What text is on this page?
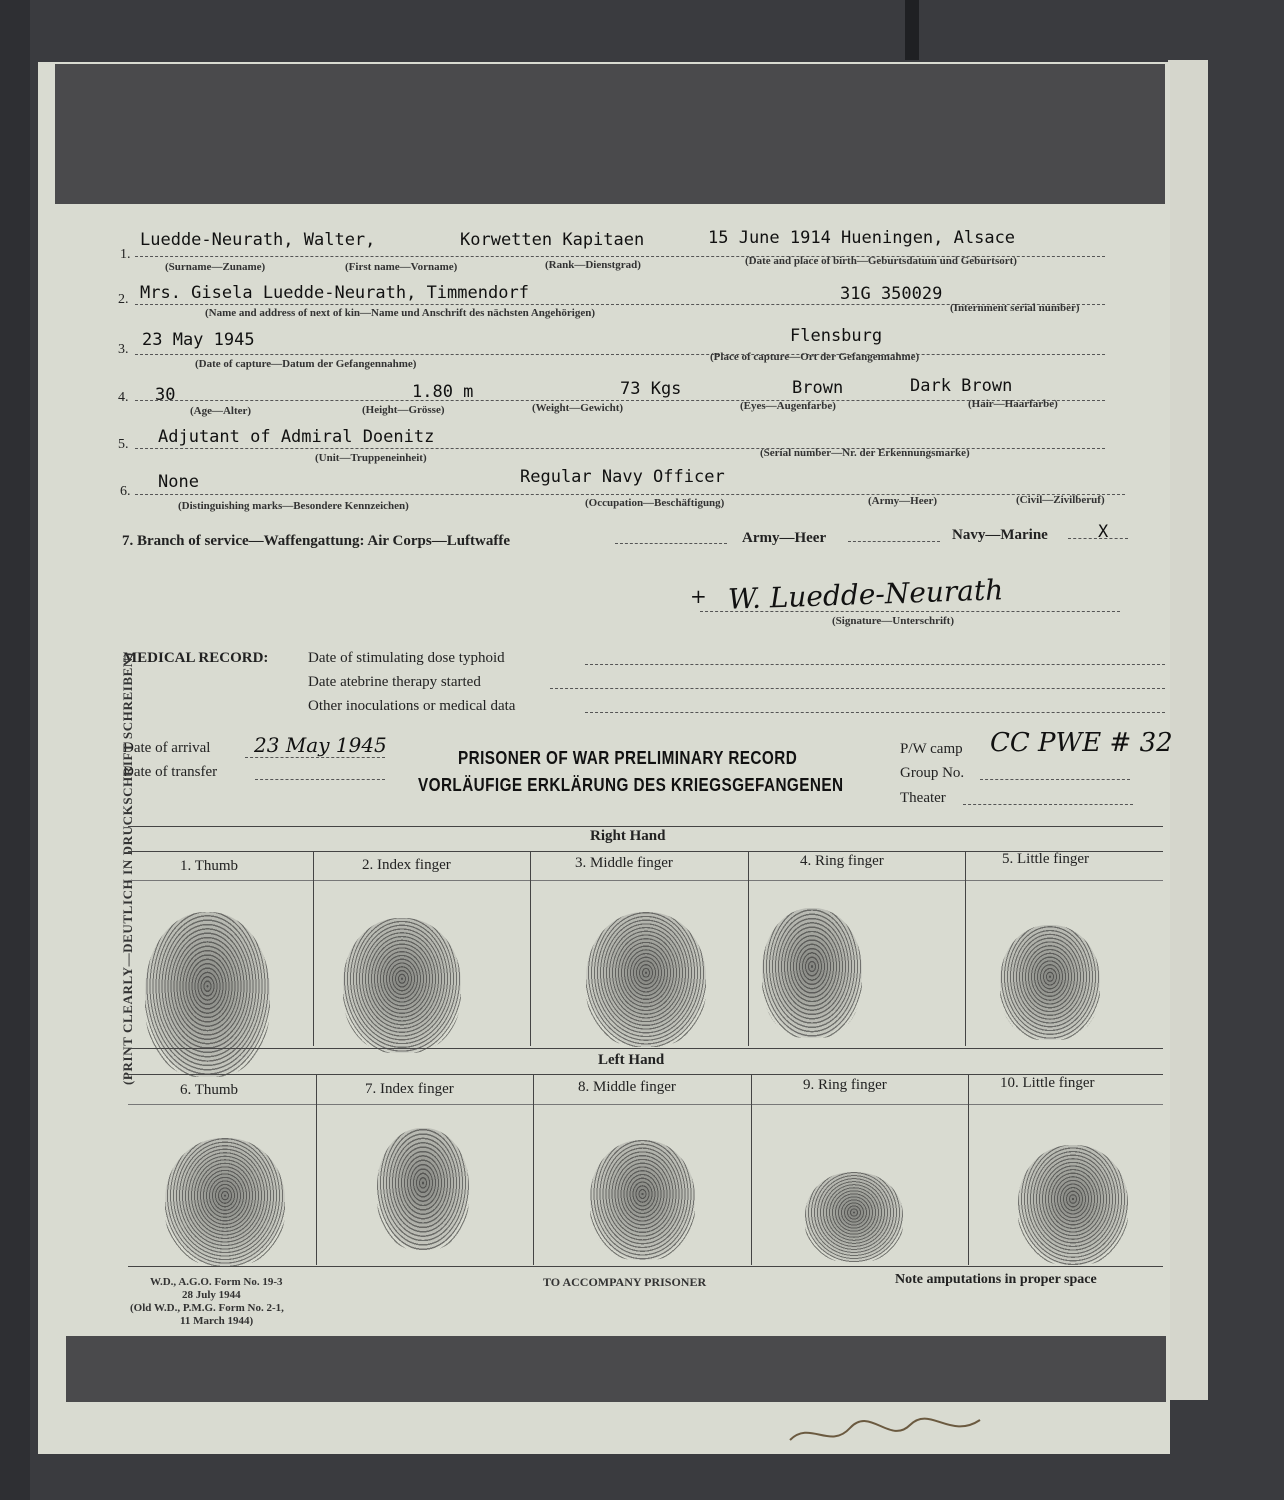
1.
Luedde-Neurath, Walter,	Korwetten Kapitaen	15 June 1914 Hueningen, Alsace
(Surname—Zuname)	(First name—Vorname)	(Rank—Dienstgrad)	(Date and place of birth—Geburtsdatum und Geburtsort)
2. Mrs. Gisela Luedde-Neurath, Timmendorf	31G 350029
(Name and address of next of kin—Name und Anschrift des nächsten Angehörigen)	(Internment serial number)
3. 23 May 1945	Flensburg
(Date of capture—Datum der Gefangennahme)
(Place of capture—Ort der Gefangennahme)
4. 30	1.80 m	73 Kgs	Brown	Dark Brown
(Age—Alter)	(Height—Grösse)	(Weight—Gewicht)	(Eyes—Augenfarbe)	(Hair—Haarfarbe)
5. Adjutant of Admiral Doenitz
(Unit—Truppeneinheit)	(Serial number—Nr. der Erkennungsmarke)
6. None	Regular Navy Officer
(Distinguishing marks—Besondere Kennzeichen)	(Occupation—Beschäftigung)	(Army—Heer)	(Civil—Zivilberuf)
7. Branch of service—Waffengattung: Air Corps—Luftwaffe	Army—Heer	Navy—Marine	X
+ W. Luedde-Neurath
(Signature—Unterschrift)
MEDICAL RECORD:	Date of stimulating dose typhoid
Date atebrine therapy started
Other inoculations or medical data
Date of arrival 23 May 1945
Date of transfer
PRISONER OF WAR PRELIMINARY RECORD
VORLÄUFIGE ERKLÄRUNG DES KRIEGSGEFANGENEN
P/W camp CC PWE # 32
Group No.
Theater
(PRINT CLEARLY—DEUTLICH IN DRUCKSCHRIFT SCHREIBEN)	Right Hand
1. Thumb	2. Index finger	3. Middle finger	4. Ring finger	5. Little finger
Left Hand
6. Thumb	7. Index finger	8. Middle finger	9. Ring finger	10. Little finger
W.D., A.G.O. Form No. 19-3
28 July 1944
(Old W.D., P.M.G. Form No. 2-1,
11 March 1944)
TO ACCOMPANY PRISONER	Note amputations in proper space
